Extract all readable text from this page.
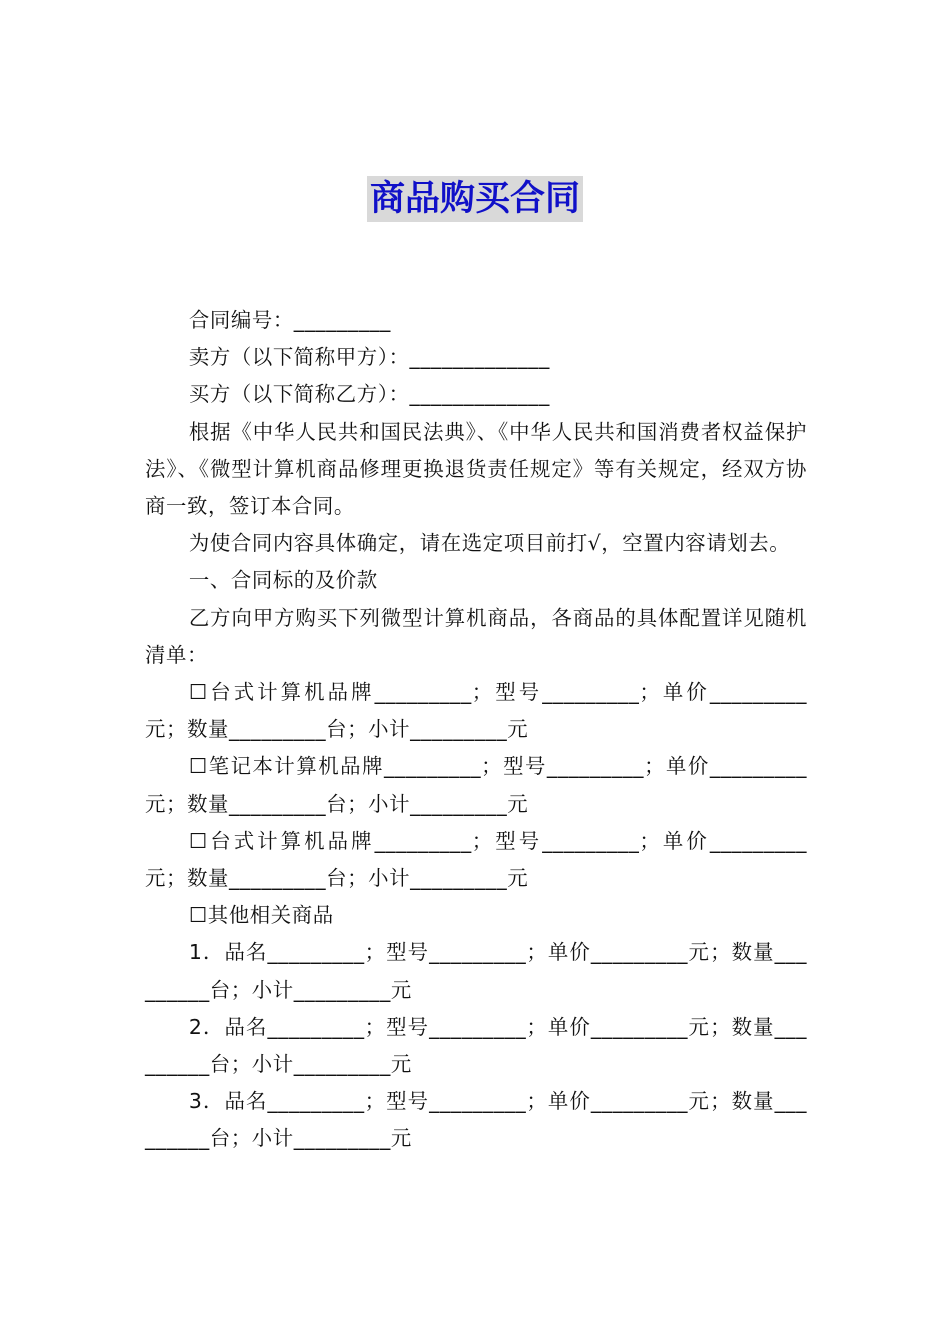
商品购买合同

合同编号：_________

卖方（以下简称甲方）：_____________

买方（以下简称乙方）：_____________

根据《中华人民共和国民法典》、《中华人民共和国消费者权益保护法》、《微型计算机商品修理更换退货责任规定》等有关规定，经双方协商一致，签订本合同。

为使合同内容具体确定，请在选定项目前打√，空置内容请划去。

一、合同标的及价款

乙方向甲方购买下列微型计算机商品，各商品的具体配置详见随机清单：

☐台式计算机品牌_________；型号_________；单价_________元；数量_________台；小计_________元

☐笔记本计算机品牌_________；型号_________；单价_________元；数量_________台；小计_________元

☐台式计算机品牌_________；型号_________；单价_________元；数量_________台；小计_________元

☐其他相关商品

1．品名_________；型号_________；单价_________元；数量_________台；小计_________元

2．品名_________；型号_________；单价_________元；数量_________台；小计_________元

3．品名_________；型号_________；单价_________元；数量_________台；小计_________元
